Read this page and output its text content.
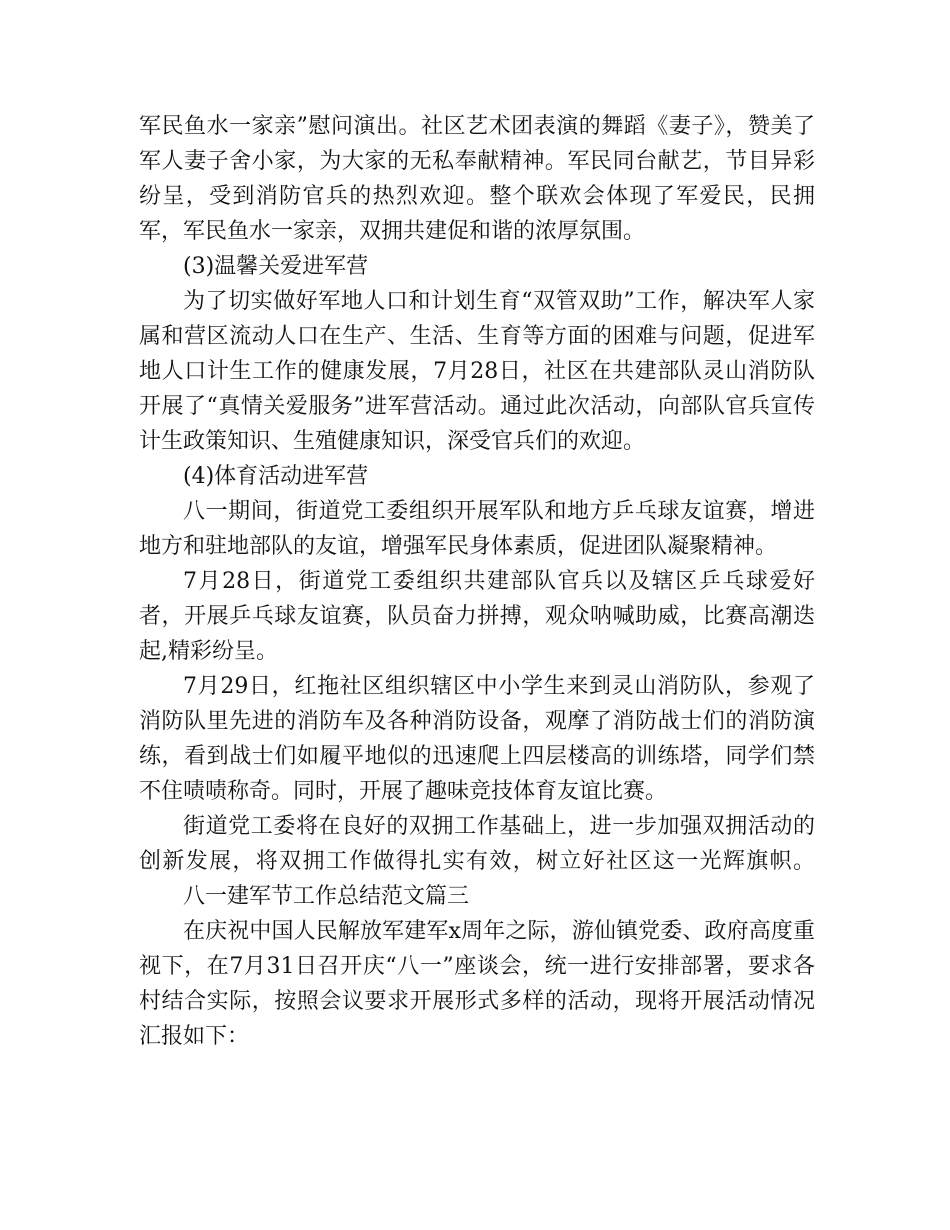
军民鱼水一家亲”慰问演出。社区艺术团表演的舞蹈《妻子》，赞美了军人妻子舍小家，为大家的无私奉献精神。军民同台献艺，节目异彩纷呈，受到消防官兵的热烈欢迎。整个联欢会体现了军爱民，民拥军，军民鱼水一家亲，双拥共建促和谐的浓厚氛围。

(3)温馨关爱进军营

为了切实做好军地人口和计划生育“双管双助”工作，解决军人家属和营区流动人口在生产、生活、生育等方面的困难与问题，促进军地人口计生工作的健康发展，7月28日，社区在共建部队灵山消防队开展了“真情关爱服务”进军营活动。通过此次活动，向部队官兵宣传计生政策知识、生殖健康知识，深受官兵们的欢迎。

(4)体育活动进军营

八一期间，街道党工委组织开展军队和地方乒乓球友谊赛，增进地方和驻地部队的友谊，增强军民身体素质，促进团队凝聚精神。

7月28日，街道党工委组织共建部队官兵以及辖区乒乓球爱好者，开展乒乓球友谊赛，队员奋力拼搏，观众呐喊助威，比赛高潮迭起,精彩纷呈。

7月29日，红拖社区组织辖区中小学生来到灵山消防队，参观了消防队里先进的消防车及各种消防设备，观摩了消防战士们的消防演练，看到战士们如履平地似的迅速爬上四层楼高的训练塔，同学们禁不住啧啧称奇。同时，开展了趣味竞技体育友谊比赛。

街道党工委将在良好的双拥工作基础上，进一步加强双拥活动的创新发展，将双拥工作做得扎实有效，树立好社区这一光辉旗帜。八一建军节工作总结范文篇三

在庆祝中国人民解放军建军x周年之际，游仙镇党委、政府高度重视下，在7月31日召开庆“八一”座谈会，统一进行安排部署，要求各村结合实际，按照会议要求开展形式多样的活动，现将开展活动情况汇报如下：
